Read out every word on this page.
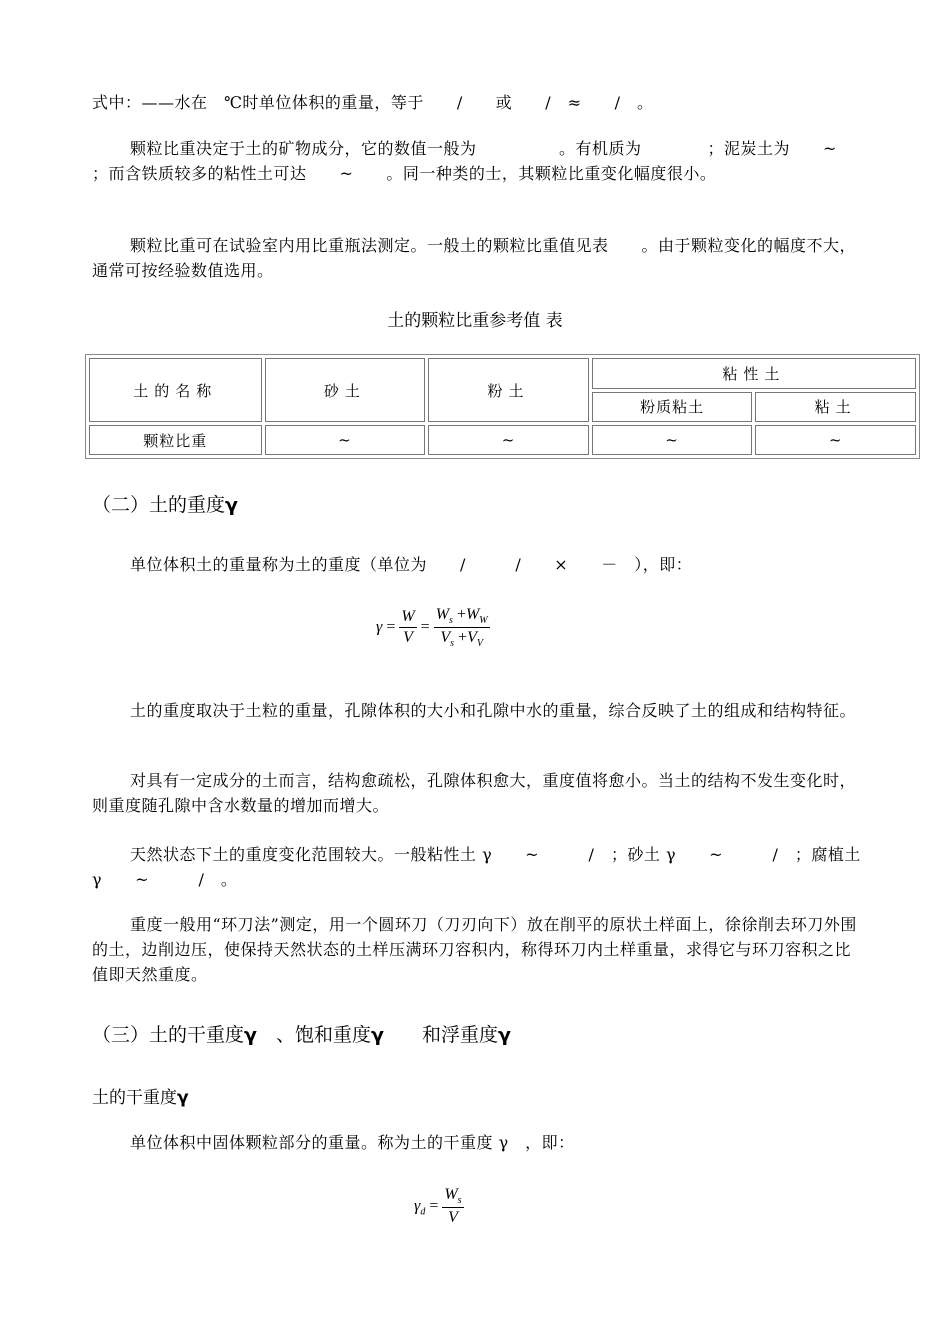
式中：——水在　℃时单位体积的重量，等于　　/　　或　　/　≈　　/　。

颗粒比重决定于土的矿物成分，它的数值一般为　　　　　。有机质为　　　　；泥炭土为　　~　；而含铁质较多的粘性土可达　　~　　。同一种类的士，其颗粒比重变化幅度很小。

颗粒比重可在试验室内用比重瓶法测定。一般土的颗粒比重值见表　　。由于颗粒变化的幅度不大，通常可按经验数值选用。

土的颗粒比重参考值 表

土的名称	砂土	粉土	粘性土	
			粉质粘土	粘土
颗粒比重	~	~	~	~
（二）土的重度γ

单位体积土的重量称为土的重度（单位为　　/　　　/　　×　　－　），即：

$\gamma = \frac{W}{V} = \frac{W_s +W_W}{V_s +V_V}$

土的重度取决于土粒的重量，孔隙体积的大小和孔隙中水的重量，综合反映了土的组成和结构特征。

对具有一定成分的土而言，结构愈疏松，孔隙体积愈大，重度值将愈小。当土的结构不发生变化时，则重度随孔隙中含水数量的增加而增大。

天然状态下土的重度变化范围较大。一般粘性土 γ　　~　　　/　；砂土 γ　　~　　　/　；腐植土 γ　　~　　　/　。

重度一般用“环刀法”测定，用一个圆环刀（刀刃向下）放在削平的原状土样面上，徐徐削去环刀外围的土，边削边压，使保持天然状态的土样压满环刀容积内，称得环刀内土样重量，求得它与环刀容积之比值即天然重度。

（三）土的干重度γ　、饱和重度γ　　和浮重度γ
土的干重度γ

单位体积中固体颗粒部分的重量。称为土的干重度 γ　，即：

$\gamma_d = \frac{W_s}{V}$
